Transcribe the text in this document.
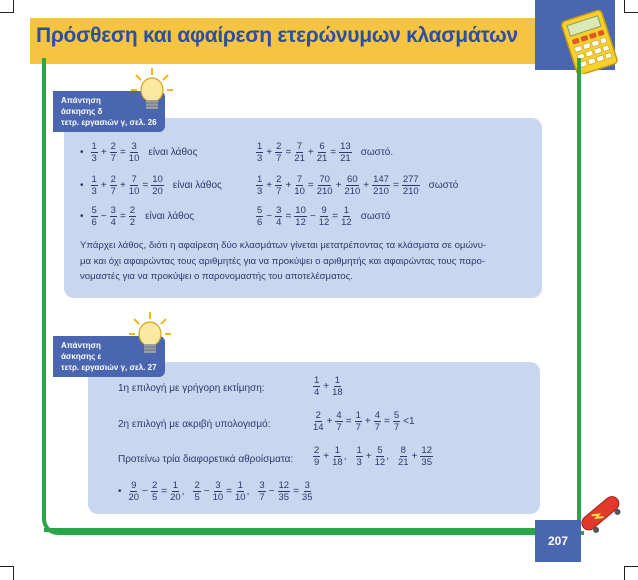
Πρόσθεση και αφαίρεση ετερώνυμων κλασμάτων
Απάντηση
άσκησης δ
τετρ. εργασιών γ, σελ. 26
• $\frac{1}{3} + \frac{2}{7} = \frac{3}{10}$ είναι λάθος	$\frac{1}{3} + \frac{2}{7} = \frac{7}{21} + \frac{6}{21} = \frac{13}{21} \sigma\omega\sigma\tau ό$.
• $\frac{1}{3} + \frac{2}{7} + \frac{7}{10} = \frac{10}{20}$ είναι λάθος	$\frac{1}{3} + \frac{2}{7} + \frac{7}{10} = \frac{70}{210} + \frac{60}{210} + \frac{147}{210} = \frac{277}{210}$ σωστό
• $\frac{5}{6} - \frac{3}{4} = \frac{2}{2}$ είναι λάθος	$\frac{5}{6} - \frac{3}{4} = \frac{10}{12} - \frac{9}{12} = \frac{1}{12}$ σωστό
Υπάρχει λάθος, διότι η αφαίρεση δύο κλασμάτων γίνεται μετατρέποντας τα κλάσματα σε ομώνυ-
μα και όχι αφαιρώντας τους αριθμητές για να προκύψει ο αριθμητής και αφαιρώντας τους παρο-
νομαστές για να προκύψει ο παρονομαστής του αποτελέσματος.
Απάντηση
άσκησης ε
τετρ. εργασιών γ, σελ. 27
1η επιλογή με γρήγορη εκτίμηση:	$\frac{1}{4} + \frac{1}{18}$
2η επιλογή με ακριβή υπολογισμό:	$\frac{2}{14} + \frac{4}{7} = \frac{1}{7} + \frac{4}{7} = \frac{5}{7} <1$
Προτείνω τρία διαφορετικά αθροίσματα: $\frac{2}{9} + \frac{1}{18}$ , $\frac{1}{3} + \frac{5}{12}$ , $\frac{8}{21} + \frac{12}{35}$
• $\frac{9}{20} - \frac{2}{5} = \frac{1}{20}$ , $\frac{2}{5} - \frac{3}{10} = \frac{1}{10}$ , $\frac{3}{7} - \frac{12}{35} = \frac{3}{35}$
207
